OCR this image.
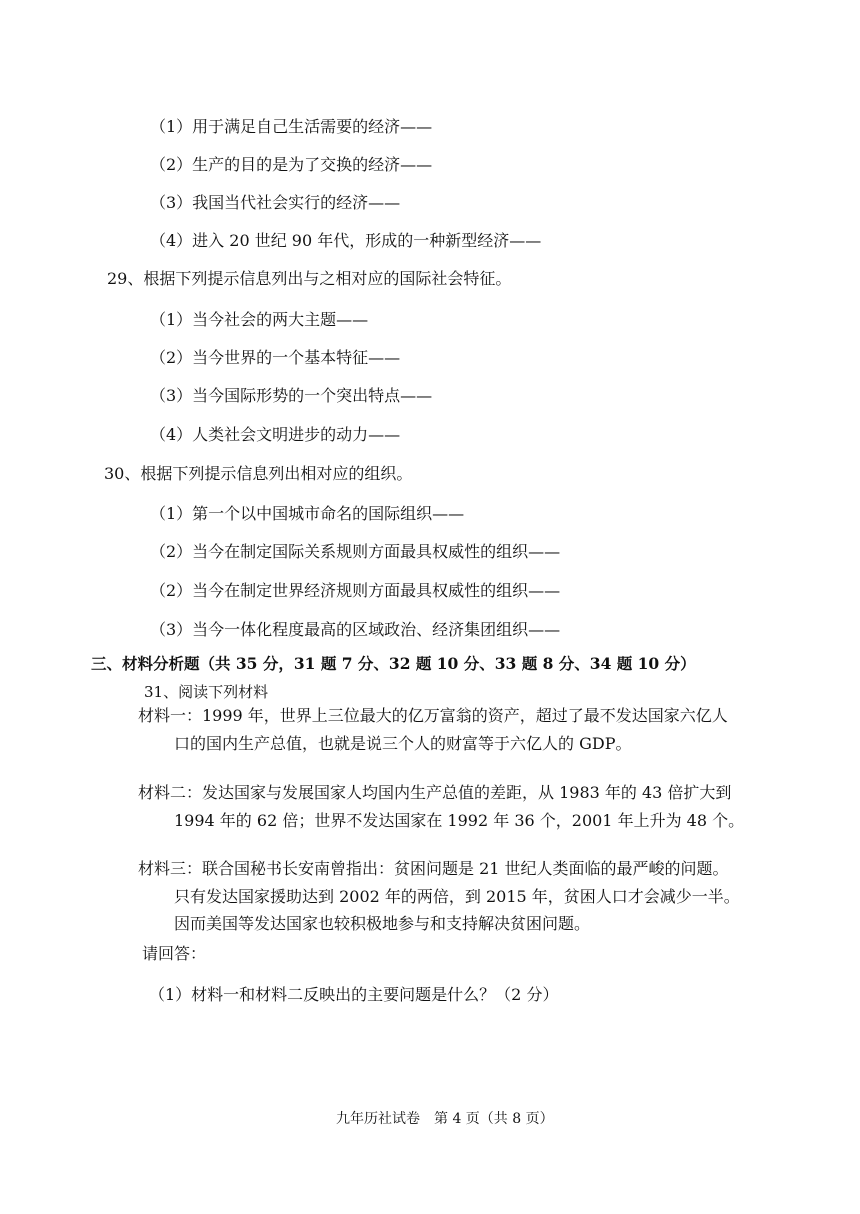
（1）用于满足自己生活需要的经济——
（2）生产的目的是为了交换的经济——
（3）我国当代社会实行的经济——
（4）进入 20 世纪 90 年代，形成的一种新型经济——
29、根据下列提示信息列出与之相对应的国际社会特征。
（1）当今社会的两大主题——
（2）当今世界的一个基本特征——
（3）当今国际形势的一个突出特点——
（4）人类社会文明进步的动力——
30、根据下列提示信息列出相对应的组织。
（1）第一个以中国城市命名的国际组织——
（2）当今在制定国际关系规则方面最具权威性的组织——
（2）当今在制定世界经济规则方面最具权威性的组织——
（3）当今一体化程度最高的区域政治、经济集团组织——
三、材料分析题（共 35 分，31 题 7 分、32 题 10 分、33 题 8 分、34 题 10 分）
31、阅读下列材料
材料一：1999 年，世界上三位最大的亿万富翁的资产，超过了最不发达国家六亿人
口的国内生产总值，也就是说三个人的财富等于六亿人的 GDP。
材料二：发达国家与发展国家人均国内生产总值的差距，从 1983 年的 43 倍扩大到
1994 年的 62 倍；世界不发达国家在 1992 年 36 个，2001 年上升为 48 个。
材料三：联合国秘书长安南曾指出：贫困问题是 21 世纪人类面临的最严峻的问题。
只有发达国家援助达到 2002 年的两倍，到 2015 年，贫困人口才会减少一半。
因而美国等发达国家也较积极地参与和支持解决贫困问题。
请回答：
（1）材料一和材料二反映出的主要问题是什么？（2 分）
九年历社试卷　第 4 页（共 8 页）
